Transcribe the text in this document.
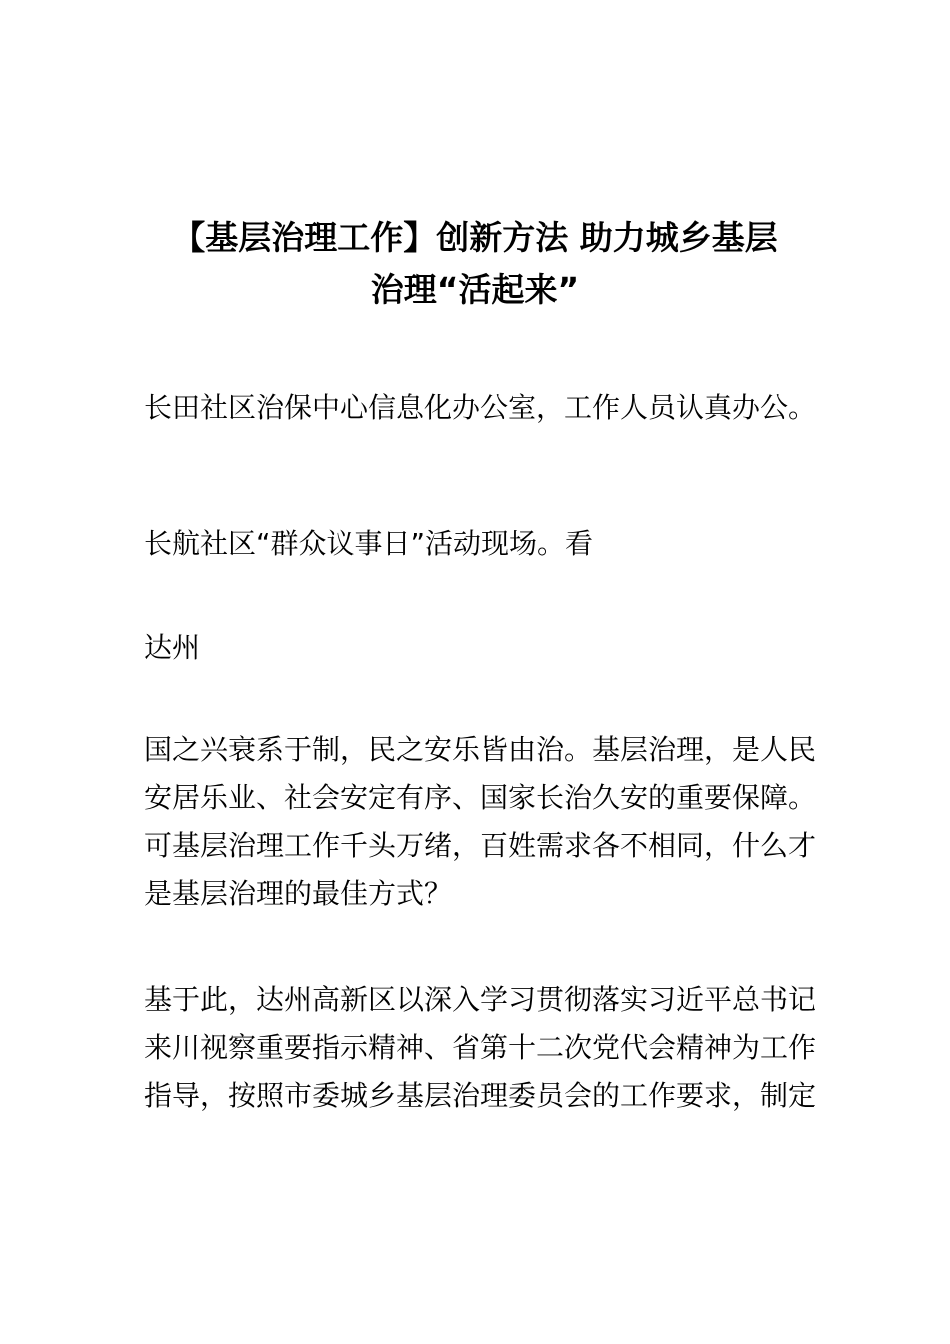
【基层治理工作】创新方法 助力城乡基层
治理“活起来”
长田社区治保中心信息化办公室，工作人员认真办公。
长航社区“群众议事日”活动现场。看
达州
国之兴衰系于制，民之安乐皆由治。基层治理，是人民
安居乐业、社会安定有序、国家长治久安的重要保障。
可基层治理工作千头万绪，百姓需求各不相同，什么才
是基层治理的最佳方式？
基于此，达州高新区以深入学习贯彻落实习近平总书记
来川视察重要指示精神、省第十二次党代会精神为工作
指导，按照市委城乡基层治理委员会的工作要求，制定
